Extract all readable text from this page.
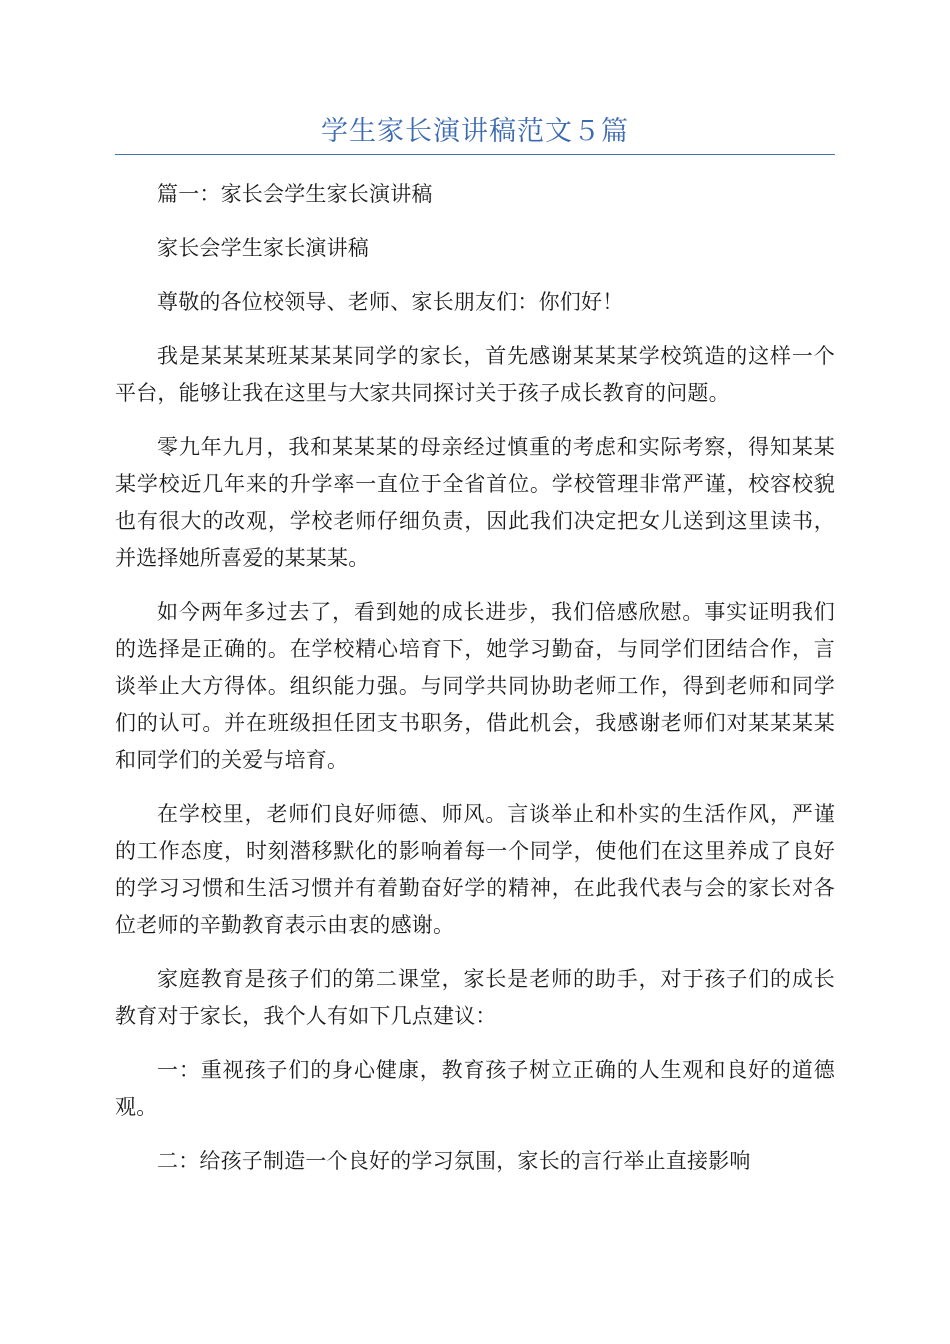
学生家长演讲稿范文５篇

篇一：家长会学生家长演讲稿

家长会学生家长演讲稿

尊敬的各位校领导、老师、家长朋友们：你们好！

我是某某某班某某某同学的家长，首先感谢某某某学校筑造的这样一个平台，能够让我在这里与大家共同探讨关于孩子成长教育的问题。

零九年九月，我和某某某的母亲经过慎重的考虑和实际考察，得知某某某学校近几年来的升学率一直位于全省首位。学校管理非常严谨，校容校貌也有很大的改观，学校老师仔细负责，因此我们决定把女儿送到这里读书，并选择她所喜爱的某某某。

如今两年多过去了，看到她的成长进步，我们倍感欣慰。事实证明我们的选择是正确的。在学校精心培育下，她学习勤奋，与同学们团结合作，言谈举止大方得体。组织能力强。与同学共同协助老师工作，得到老师和同学们的认可。并在班级担任团支书职务，借此机会，我感谢老师们对某某某某和同学们的关爱与培育。

在学校里，老师们良好师德、师风。言谈举止和朴实的生活作风，严谨的工作态度，时刻潜移默化的影响着每一个同学，使他们在这里养成了良好的学习习惯和生活习惯并有着勤奋好学的精神，在此我代表与会的家长对各位老师的辛勤教育表示由衷的感谢。

家庭教育是孩子们的第二课堂，家长是老师的助手，对于孩子们的成长教育对于家长，我个人有如下几点建议：

一：重视孩子们的身心健康，教育孩子树立正确的人生观和良好的道德观。

二：给孩子制造一个良好的学习氛围，家长的言行举止直接影响
